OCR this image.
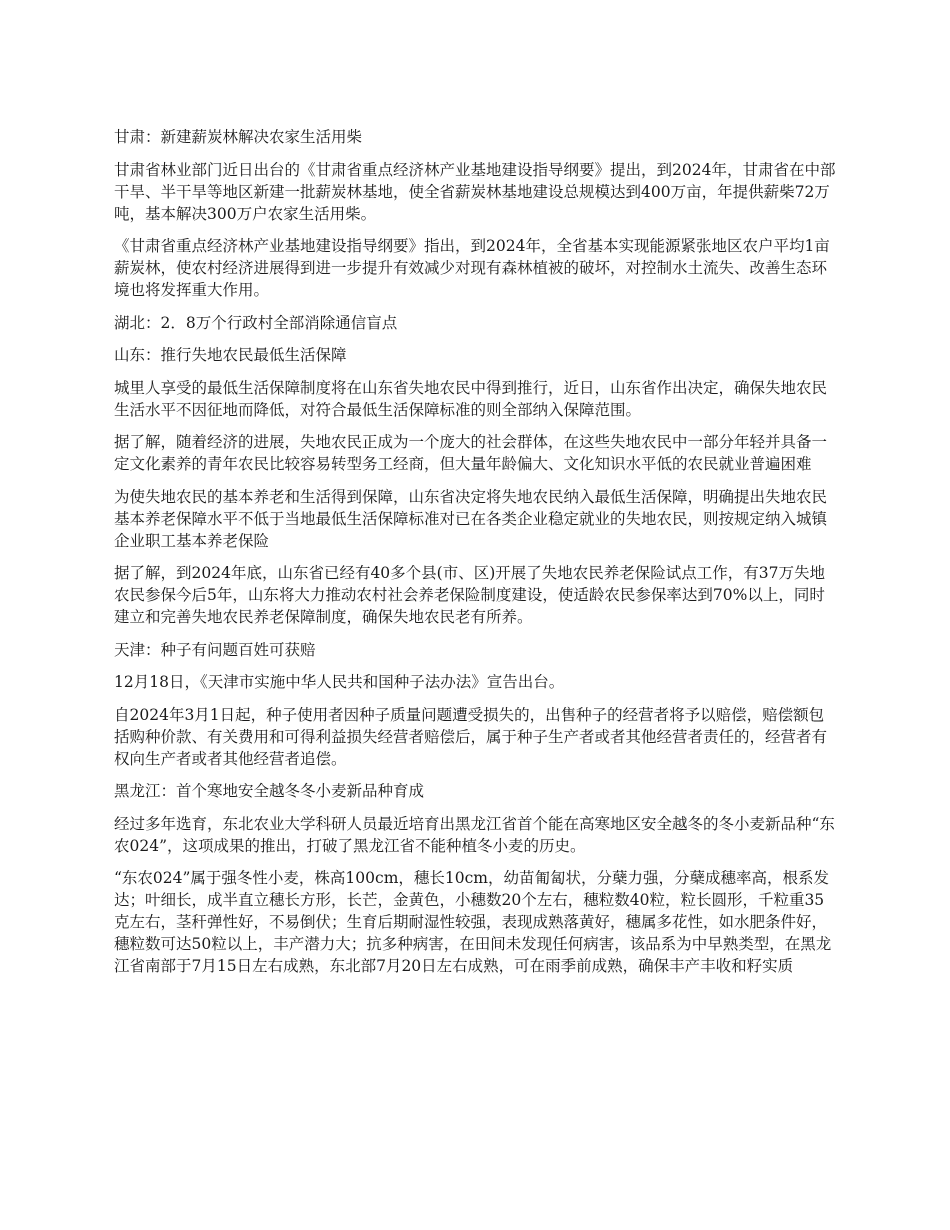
甘肃：新建薪炭林解决农家生活用柴

甘肃省林业部门近日出台的《甘肃省重点经济林产业基地建设指导纲要》提出，到2024年，甘肃省在中部干旱、半干旱等地区新建一批薪炭林基地，使全省薪炭林基地建设总规模达到400万亩，年提供薪柴72万吨，基本解决300万户农家生活用柴。

《甘肃省重点经济林产业基地建设指导纲要》指出，到2024年，全省基本实现能源紧张地区农户平均1亩薪炭林，使农村经济进展得到进一步提升有效减少对现有森林植被的破坏，对控制水土流失、改善生态环境也将发挥重大作用。

湖北：2．8万个行政村全部消除通信盲点

山东：推行失地农民最低生活保障

城里人享受的最低生活保障制度将在山东省失地农民中得到推行，近日，山东省作出决定，确保失地农民生活水平不因征地而降低，对符合最低生活保障标准的则全部纳入保障范围。

据了解，随着经济的进展，失地农民正成为一个庞大的社会群体，在这些失地农民中一部分年轻并具备一定文化素养的青年农民比较容易转型务工经商，但大量年龄偏大、文化知识水平低的农民就业普遍困难

为使失地农民的基本养老和生活得到保障，山东省决定将失地农民纳入最低生活保障，明确提出失地农民基本养老保障水平不低于当地最低生活保障标准对已在各类企业稳定就业的失地农民，则按规定纳入城镇企业职工基本养老保险

据了解，到2024年底，山东省已经有40多个县(市、区)开展了失地农民养老保险试点工作，有37万失地农民参保今后5年，山东将大力推动农村社会养老保险制度建设，使适龄农民参保率达到70%以上，同时建立和完善失地农民养老保障制度，确保失地农民老有所养。

天津：种子有问题百姓可获赔

12月18日，《天津市实施中华人民共和国种子法办法》宣告出台。

自2024年3月1日起，种子使用者因种子质量问题遭受损失的，出售种子的经营者将予以赔偿，赔偿额包括购种价款、有关费用和可得利益损失经营者赔偿后，属于种子生产者或者其他经营者责任的，经营者有权向生产者或者其他经营者追偿。

黑龙江：首个寒地安全越冬冬小麦新品种育成

经过多年选育，东北农业大学科研人员最近培育出黑龙江省首个能在高寒地区安全越冬的冬小麦新品种“东农024”，这项成果的推出，打破了黑龙江省不能种植冬小麦的历史。

“东农024”属于强冬性小麦，株高100cm，穗长10cm，幼苗匍匐状，分蘖力强，分蘖成穗率高，根系发达；叶细长，成半直立穗长方形，长芒，金黄色，小穗数20个左右，穗粒数40粒，粒长圆形，千粒重35克左右，茎秆弹性好，不易倒伏；生育后期耐湿性较强，表现成熟落黄好，穗属多花性，如水肥条件好，穗粒数可达50粒以上，丰产潜力大；抗多种病害，在田间未发现任何病害，该品系为中早熟类型，在黑龙江省南部于7月15日左右成熟，东北部7月20日左右成熟，可在雨季前成熟，确保丰产丰收和籽实质
